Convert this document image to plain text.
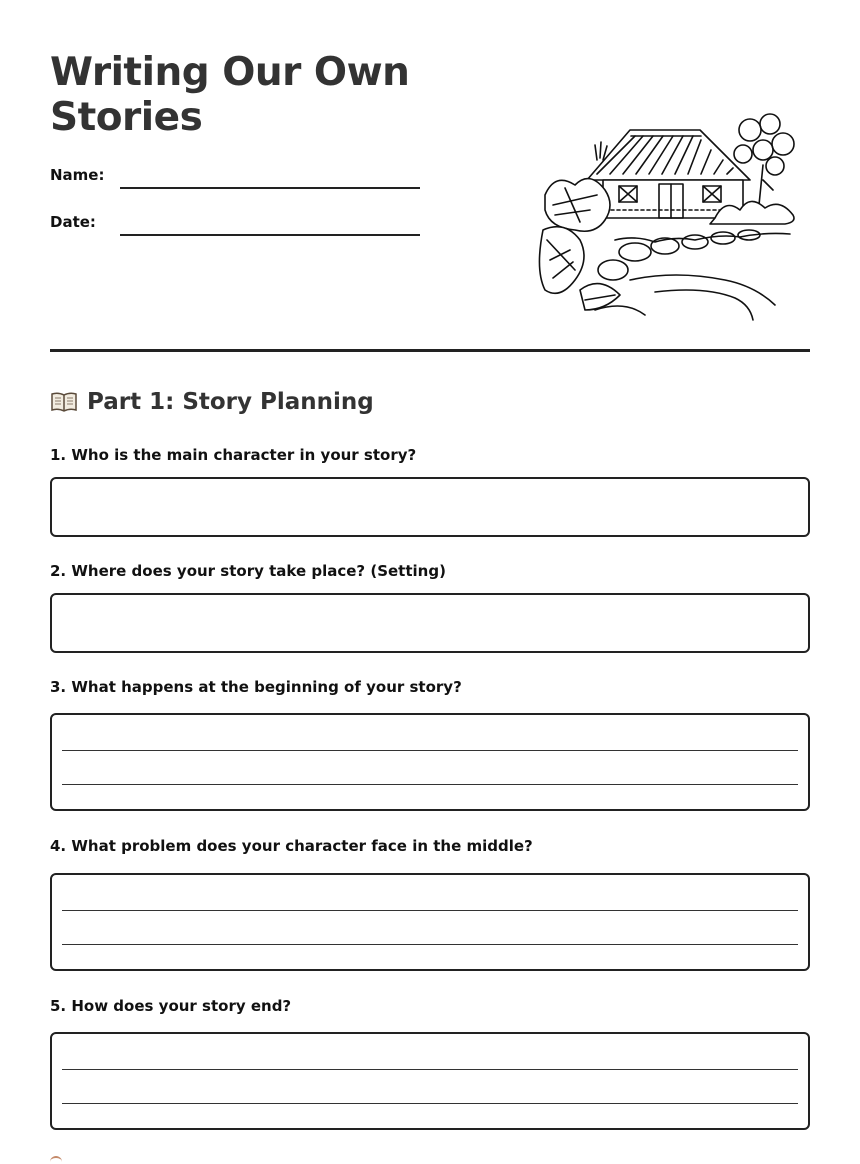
Writing Our Own Stories
Name:
Date:
Part 1: Story Planning
1. Who is the main character in your story?
2. Where does your story take place? (Setting)
3. What happens at the beginning of your story?
4. What problem does your character face in the middle?
5. How does your story end?
